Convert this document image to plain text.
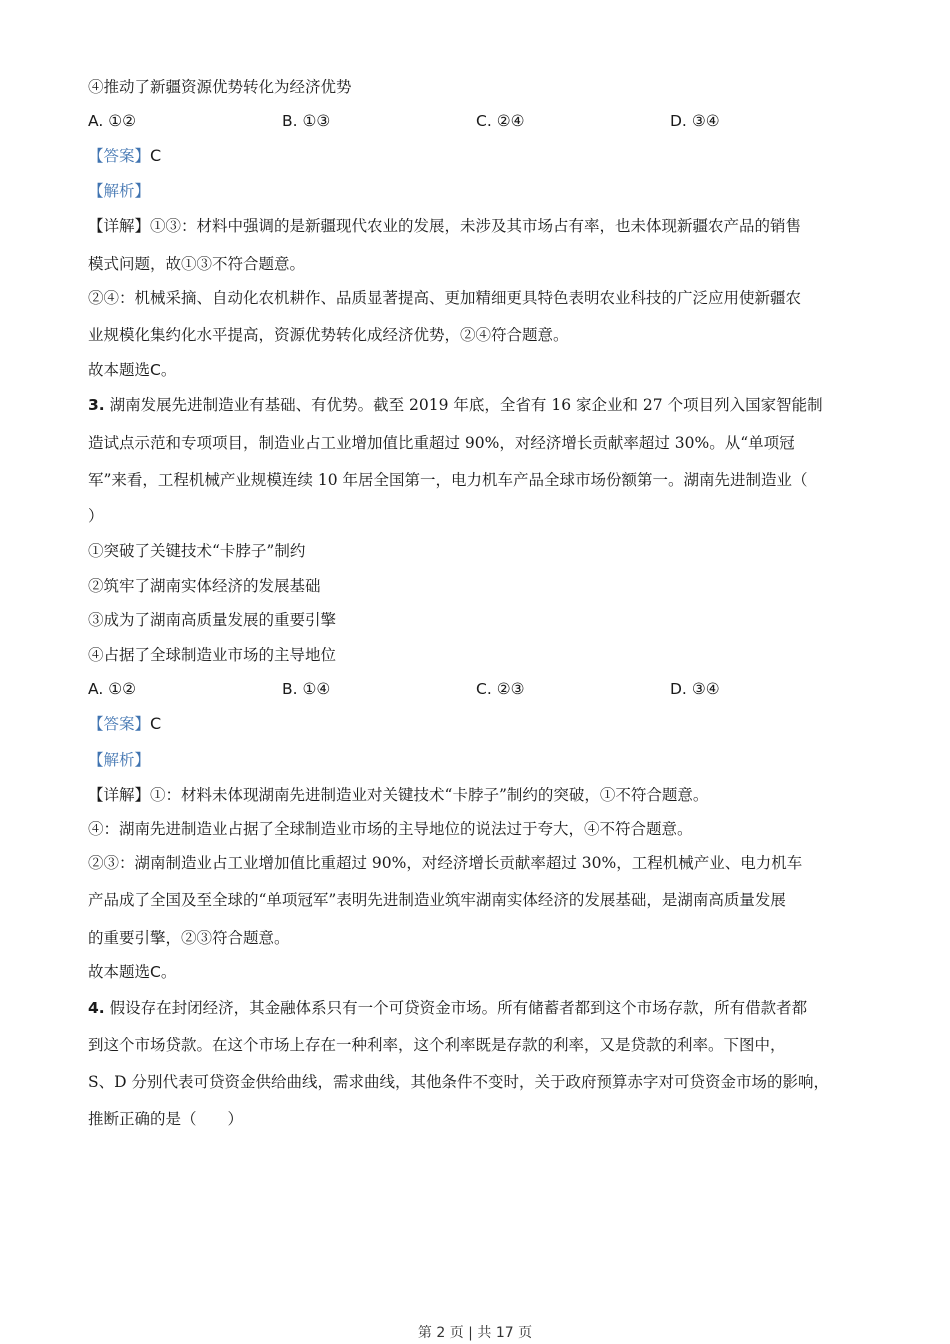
④推动了新疆资源优势转化为经济优势
A. ①②	B. ①③	C. ②④	D. ③④
【答案】C
【解析】
【详解】①③：材料中强调的是新疆现代农业的发展，未涉及其市场占有率，也未体现新疆农产品的销售
模式问题，故①③不符合题意。
②④：机械采摘、自动化农机耕作、品质显著提高、更加精细更具特色表明农业科技的广泛应用使新疆农
业规模化集约化水平提高，资源优势转化成经济优势，②④符合题意。
故本题选C。
3. 湖南发展先进制造业有基础、有优势。截至 2019 年底，全省有 16 家企业和 27 个项目列入国家智能制
造试点示范和专项项目，制造业占工业增加值比重超过 90%，对经济增长贡献率超过 30%。从“单项冠
军”来看，工程机械产业规模连续 10 年居全国第一，电力机车产品全球市场份额第一。湖南先进制造业（
）
①突破了关键技术“卡脖子”制约
②筑牢了湖南实体经济的发展基础
③成为了湖南高质量发展的重要引擎
④占据了全球制造业市场的主导地位
A. ①②	B. ①④	C. ②③	D. ③④
【答案】C
【解析】
【详解】①：材料未体现湖南先进制造业对关键技术“卡脖子”制约的突破，①不符合题意。
④：湖南先进制造业占据了全球制造业市场的主导地位的说法过于夸大，④不符合题意。
②③：湖南制造业占工业增加值比重超过 90%，对经济增长贡献率超过 30%，工程机械产业、电力机车
产品成了全国及至全球的“单项冠军”表明先进制造业筑牢湖南实体经济的发展基础，是湖南高质量发展
的重要引擎，②③符合题意。
故本题选C。
4. 假设存在封闭经济，其金融体系只有一个可贷资金市场。所有储蓄者都到这个市场存款，所有借款者都
到这个市场贷款。在这个市场上存在一种利率，这个利率既是存款的利率，又是贷款的利率。下图中，
S、D 分别代表可贷资金供给曲线，需求曲线，其他条件不变时，关于政府预算赤字对可贷资金市场的影响，
推断正确的是（　　）
第 2 页 | 共 17 页
